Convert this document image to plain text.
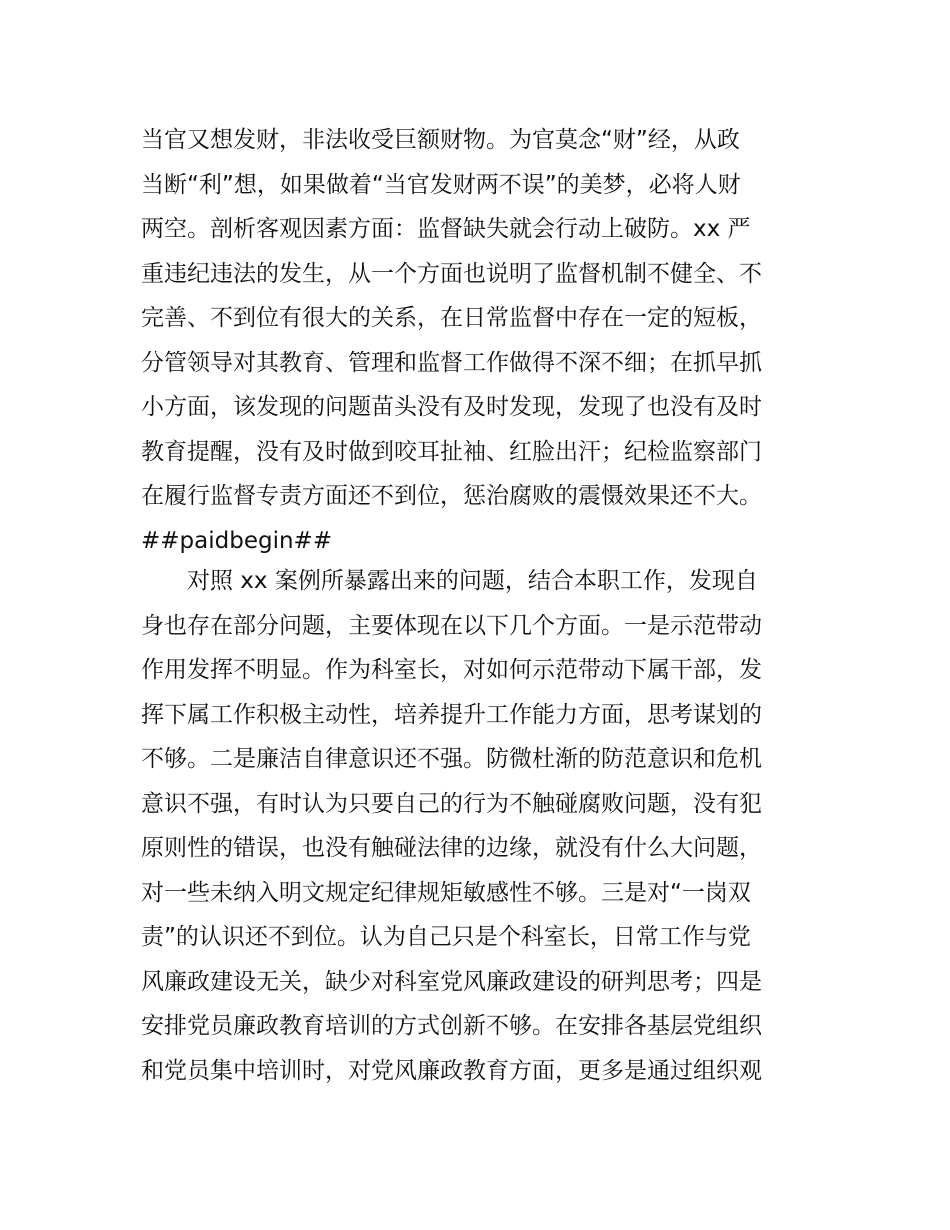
当官又想发财，非法收受巨额财物。为官莫念“财”经，从政
当断“利”想，如果做着“当官发财两不误”的美梦，必将人财
两空。剖析客观因素方面：监督缺失就会行动上破防。xx 严
重违纪违法的发生，从一个方面也说明了监督机制不健全、不
完善、不到位有很大的关系，在日常监督中存在一定的短板，
分管领导对其教育、管理和监督工作做得不深不细；在抓早抓
小方面，该发现的问题苗头没有及时发现，发现了也没有及时
教育提醒，没有及时做到咬耳扯袖、红脸出汗；纪检监察部门
在履行监督专责方面还不到位，惩治腐败的震慑效果还不大。
##paidbegin##
对照 xx 案例所暴露出来的问题，结合本职工作，发现自
身也存在部分问题，主要体现在以下几个方面。一是示范带动
作用发挥不明显。作为科室长，对如何示范带动下属干部，发
挥下属工作积极主动性，培养提升工作能力方面，思考谋划的
不够。二是廉洁自律意识还不强。防微杜渐的防范意识和危机
意识不强，有时认为只要自己的行为不触碰腐败问题，没有犯
原则性的错误，也没有触碰法律的边缘，就没有什么大问题，
对一些未纳入明文规定纪律规矩敏感性不够。三是对“一岗双
责”的认识还不到位。认为自己只是个科室长，日常工作与党
风廉政建设无关，缺少对科室党风廉政建设的研判思考；四是
安排党员廉政教育培训的方式创新不够。在安排各基层党组织
和党员集中培训时，对党风廉政教育方面，更多是通过组织观
